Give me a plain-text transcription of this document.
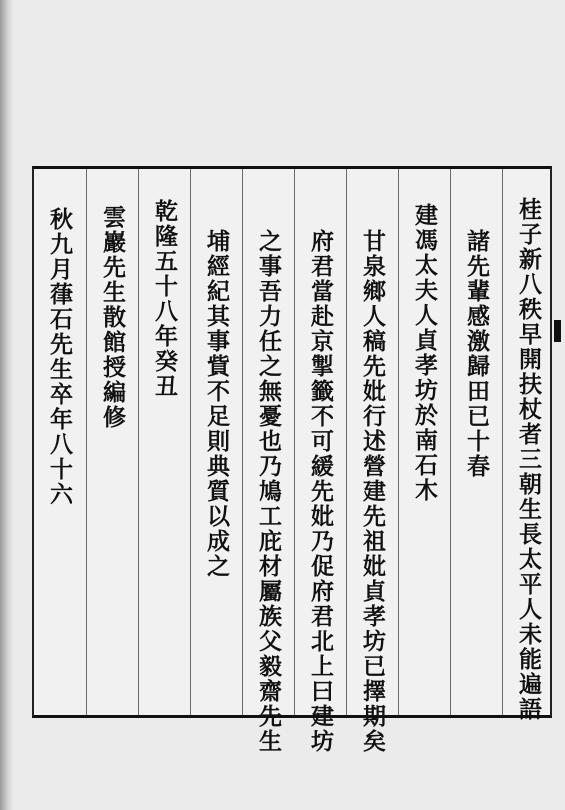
桂子新八秩早開扶杖者三朝生長太平人未能遍語
諸先輩感激歸田已十春
建馮太夫人貞孝坊於南石木
甘泉鄉人稿先妣行述營建先祖妣貞孝坊已擇期矣
府君當赴京掣籤不可緩先妣乃促府君北上曰建坊
之事吾力任之無憂也乃鳩工庇材屬族父毅齋先生
埔經紀其事貲不足則典質以成之
乾隆五十八年癸丑
雲巖先生散館授編修
秋九月葎石先生卒年八十六
